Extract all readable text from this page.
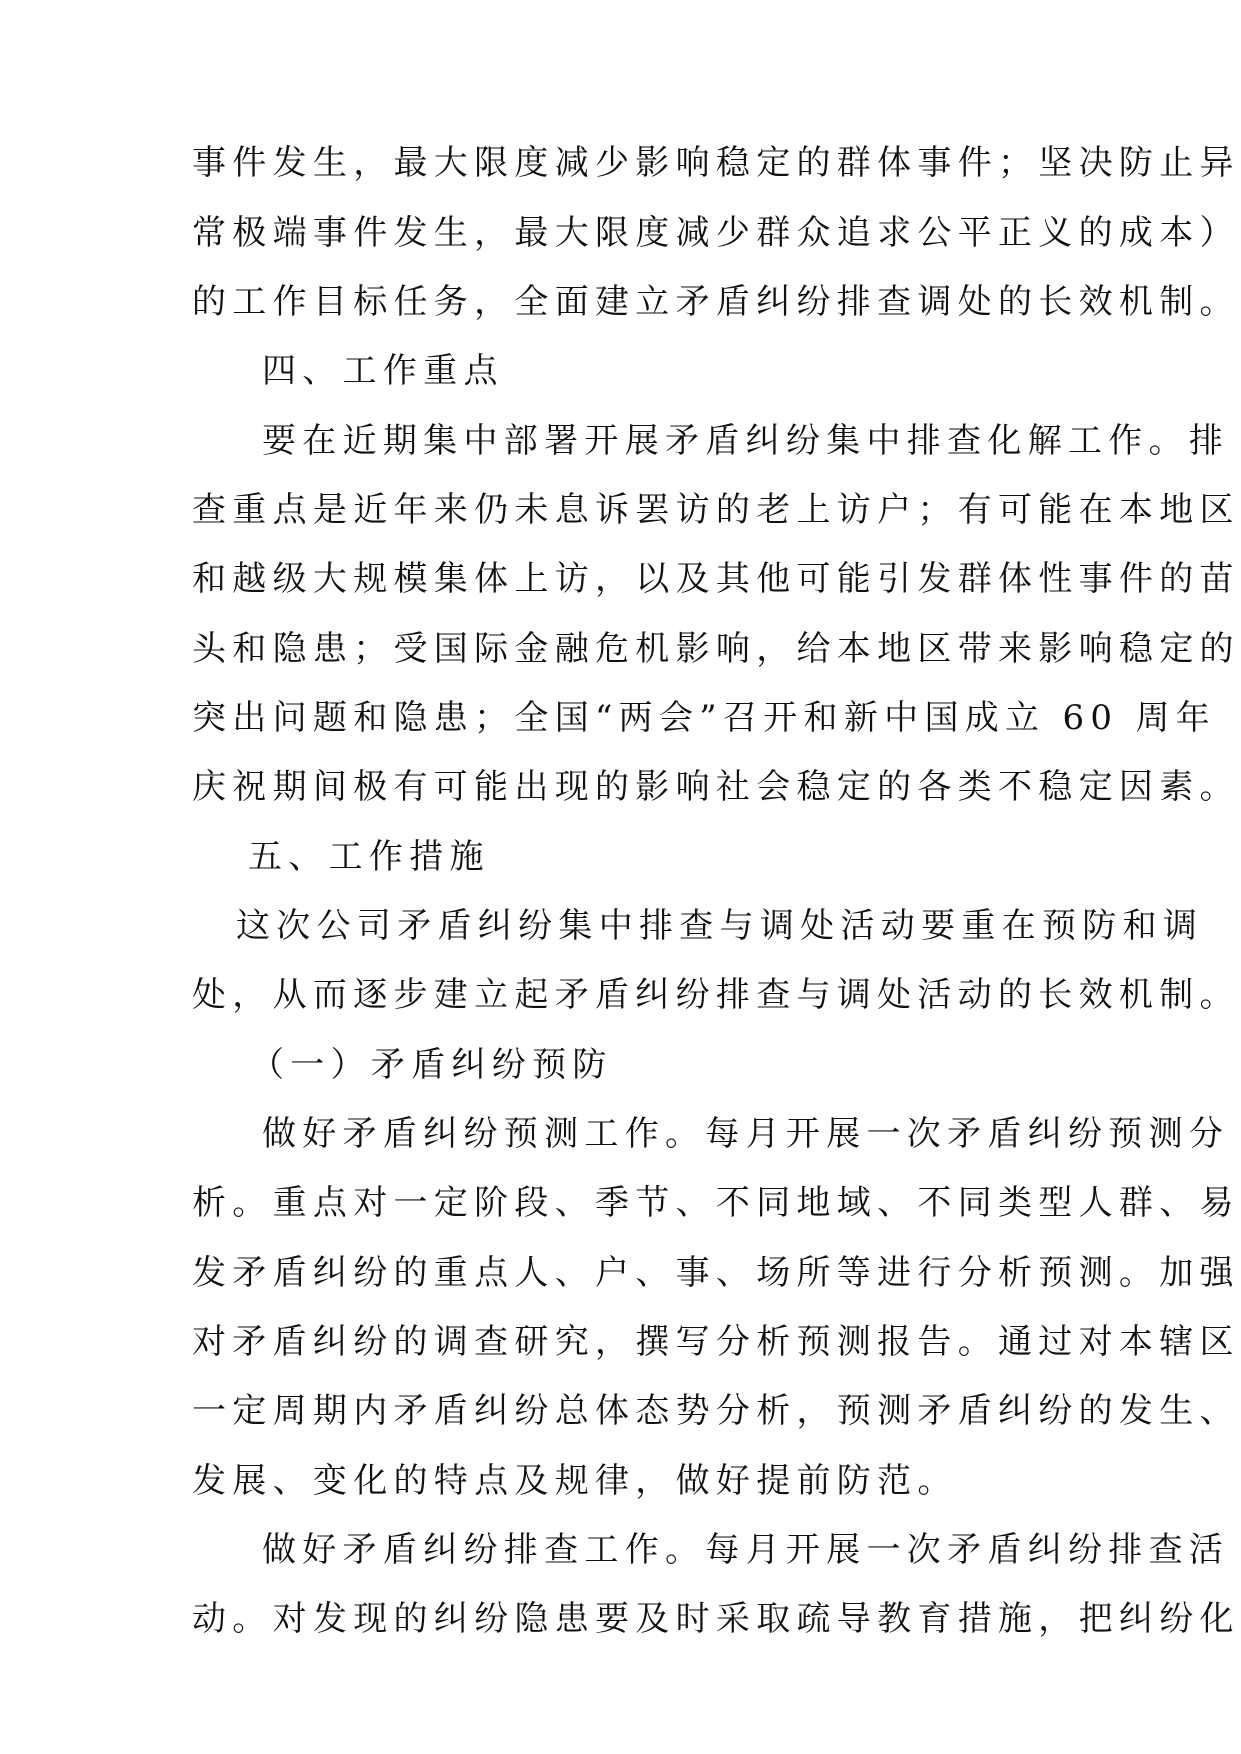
事件发生，最大限度减少影响稳定的群体事件；坚决防止异
常极端事件发生，最大限度减少群众追求公平正义的成本）
的工作目标任务，全面建立矛盾纠纷排查调处的长效机制。
四、工作重点
要在近期集中部署开展矛盾纠纷集中排查化解工作。排
查重点是近年来仍未息诉罢访的老上访户；有可能在本地区
和越级大规模集体上访，以及其他可能引发群体性事件的苗
头和隐患；受国际金融危机影响，给本地区带来影响稳定的
突出问题和隐患；全国“两会”召开和新中国成立 60 周年
庆祝期间极有可能出现的影响社会稳定的各类不稳定因素。
五、工作措施
这次公司矛盾纠纷集中排查与调处活动要重在预防和调
处，从而逐步建立起矛盾纠纷排查与调处活动的长效机制。
（一）矛盾纠纷预防
做好矛盾纠纷预测工作。每月开展一次矛盾纠纷预测分
析。重点对一定阶段、季节、不同地域、不同类型人群、易
发矛盾纠纷的重点人、户、事、场所等进行分析预测。加强
对矛盾纠纷的调查研究，撰写分析预测报告。通过对本辖区
一定周期内矛盾纠纷总体态势分析，预测矛盾纠纷的发生、
发展、变化的特点及规律，做好提前防范。
做好矛盾纠纷排查工作。每月开展一次矛盾纠纷排查活
动。对发现的纠纷隐患要及时采取疏导教育措施，把纠纷化
